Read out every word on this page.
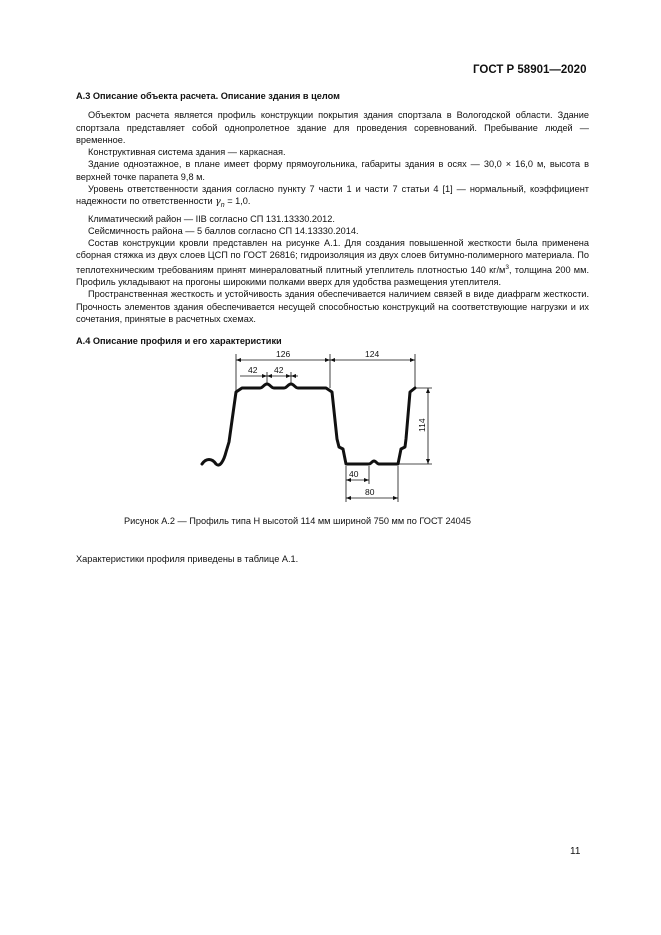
ГОСТ Р 58901—2020

А.3 Описание объекта расчета. Описание здания в целом

Объектом расчета является профиль конструкции покрытия здания спортзала в Вологодской области. Здание спортзала представляет собой однопролетное здание для проведения соревнований. Пребывание людей — временное.

Конструктивная система здания — каркасная.

Здание одноэтажное, в плане имеет форму прямоугольника, габариты здания в осях — 30,0 × 16,0 м, высота в верхней точке парапета 9,8 м.

Уровень ответственности здания согласно пункту 7 части 1 и части 7 статьи 4 [1] — нормальный, коэффициент надежности по ответственности $\gamma_n = 1,0$.

Климатический район — IIВ согласно СП 131.13330.2012.

Сейсмичность района — 5 баллов согласно СП 14.13330.2014.

Состав конструкции кровли представлен на рисунке А.1. Для создания повышенной жесткости была применена сборная стяжка из двух слоев ЦСП по ГОСТ 26816; гидроизоляция из двух слоев битумно-полимерного материала. По теплотехническим требованиям принят минераловатный плитный утеплитель плотностью 140 $кг/м^3$, толщина 200 мм. Профиль укладывают на прогоны широкими полками вверх для удобства размещения утеплителя.

Пространственная жесткость и устойчивость здания обеспечивается наличием связей в виде диафрагм жесткости. Прочность элементов здания обеспечивается несущей способностью конструкций на соответствующие нагрузки и их сочетания, принятые в расчетных схемах.

А.4 Описание профиля и его характеристики

126	124
42 42
114
40
80
Рисунок А.2 — Профиль типа Н высотой 114 мм шириной 750 мм по ГОСТ 24045
Характеристики профиля приведены в таблице А.1.
11
